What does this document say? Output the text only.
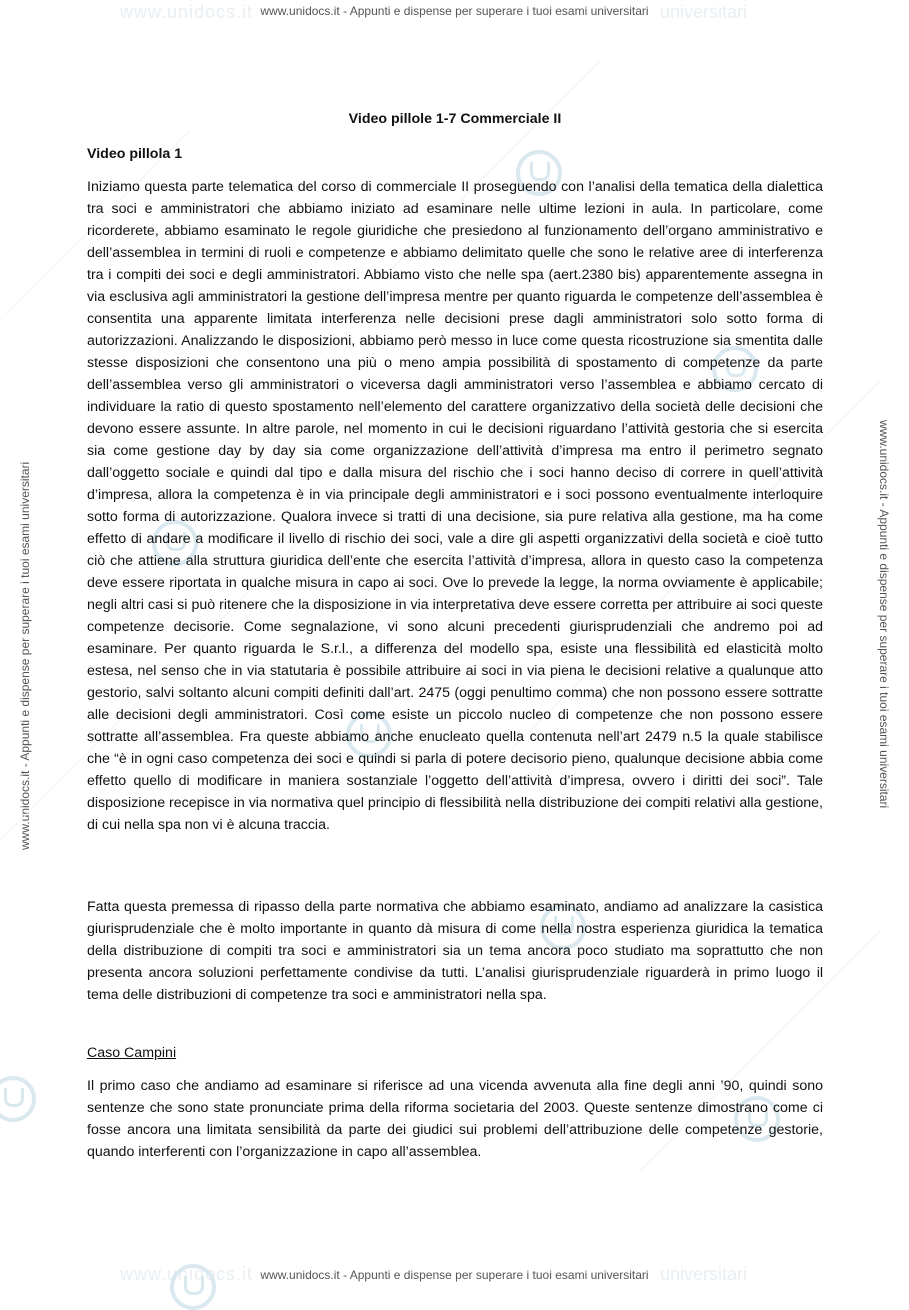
www.unidocs.it	universitari
www.unidocs.it - Appunti e dispense per superare i tuoi esami universitari
www.unidocs.it	universitari
www.unidocs.it - Appunti e dispense per superare i tuoi esami universitari
www.unidocs.it - Appunti e dispense per superare i tuoi esami universitari	www.unidocs.it - Appunti e dispense per superare i tuoi esami universitari
Video pillole 1-7 Commerciale II
Video pillola 1

Iniziamo questa parte telematica del corso di commerciale II proseguendo con l’analisi della tematica della dialettica tra soci e amministratori che abbiamo iniziato ad esaminare nelle ultime lezioni in aula. In particolare, come ricorderete, abbiamo esaminato le regole giuridiche che presiedono al funzionamento dell’organo amministrativo e dell’assemblea in termini di ruoli e competenze e abbiamo delimitato quelle che sono le relative aree di interferenza tra i compiti dei soci e degli amministratori. Abbiamo visto che nelle spa (aert.2380 bis) apparentemente assegna in via esclusiva agli amministratori la gestione dell’impresa mentre per quanto riguarda le competenze dell’assemblea è consentita una apparente limitata interferenza nelle decisioni prese dagli amministratori solo sotto forma di autorizzazioni. Analizzando le disposizioni, abbiamo però messo in luce come questa ricostruzione sia smentita dalle stesse disposizioni che consentono una più o meno ampia possibilità di spostamento di competenze da parte dell’assemblea verso gli amministratori o viceversa dagli amministratori verso l’assemblea e abbiamo cercato di individuare la ratio di questo spostamento nell’elemento del carattere organizzativo della società delle decisioni che devono essere assunte. In altre parole, nel momento in cui le decisioni riguardano l’attività gestoria che si esercita sia come gestione day by day sia come organizzazione dell’attività d’impresa ma entro il perimetro segnato dall’oggetto sociale e quindi dal tipo e dalla misura del rischio che i soci hanno deciso di correre in quell’attività d’impresa, allora la competenza è in via principale degli amministratori e i soci possono eventualmente interloquire sotto forma di autorizzazione. Qualora invece si tratti di una decisione, sia pure relativa alla gestione, ma ha come effetto di andare a modificare il livello di rischio dei soci, vale a dire gli aspetti organizzativi della società e cioè tutto ciò che attiene alla struttura giuridica dell’ente che esercita l’attività d’impresa, allora in questo caso la competenza deve essere riportata in qualche misura in capo ai soci. Ove lo prevede la legge, la norma ovviamente è applicabile; negli altri casi si può ritenere che la disposizione in via interpretativa deve essere corretta per attribuire ai soci queste competenze decisorie. Come segnalazione, vi sono alcuni precedenti giurisprudenziali che andremo poi ad esaminare. Per quanto riguarda le S.r.l., a differenza del modello spa, esiste una flessibilità ed elasticità molto estesa, nel senso che in via statutaria è possibile attribuire ai soci in via piena le decisioni relative a qualunque atto gestorio, salvi soltanto alcuni compiti definiti dall’art. 2475 (oggi penultimo comma) che non possono essere sottratte alle decisioni degli amministratori. Così come esiste un piccolo nucleo di competenze che non possono essere sottratte all’assemblea. Fra queste abbiamo anche enucleato quella contenuta nell’art 2479 n.5 la quale stabilisce che “è in ogni caso competenza dei soci e quindi si parla di potere decisorio pieno, qualunque decisione abbia come effetto quello di modificare in maniera sostanziale l’oggetto dell’attività d’impresa, ovvero i diritti dei soci”. Tale disposizione recepisce in via normativa quel principio di flessibilità nella distribuzione dei compiti relativi alla gestione, di cui nella spa non vi è alcuna traccia.

Fatta questa premessa di ripasso della parte normativa che abbiamo esaminato, andiamo ad analizzare la casistica giurisprudenziale che è molto importante in quanto dà misura di come nella nostra esperienza giuridica la tematica della distribuzione di compiti tra soci e amministratori sia un tema ancora poco studiato ma soprattutto che non presenta ancora soluzioni perfettamente condivise da tutti. L’analisi giurisprudenziale riguarderà in primo luogo il tema delle distribuzioni di competenze tra soci e amministratori nella spa.

Caso Campini

Il primo caso che andiamo ad esaminare si riferisce ad una vicenda avvenuta alla fine degli anni ’90, quindi sono sentenze che sono state pronunciate prima della riforma societaria del 2003. Queste sentenze dimostrano come ci fosse ancora una limitata sensibilità da parte dei giudici sui problemi dell’attribuzione delle competenze gestorie, quando interferenti con l’organizzazione in capo all’assemblea.
